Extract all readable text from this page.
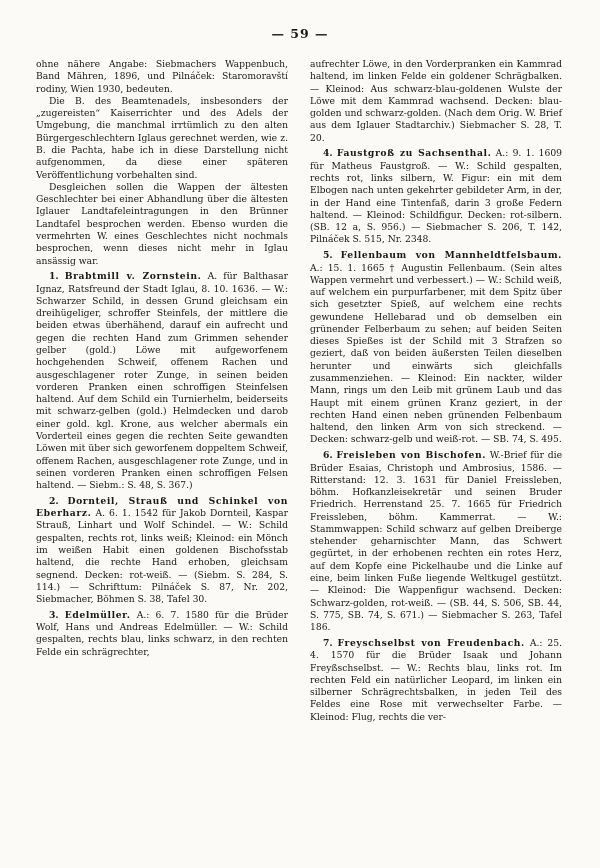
— 59 —

ohne nähere Angabe: Siebmachers Wappenbuch, Band Mähren, 1896, und Pilnáček: Staromoravští rodiny, Wien 1930, bedeuten.

Die B. des Beamtenadels, insbesonders der „zugereisten“ Kaiserrichter und des Adels der Umgebung, die manchmal irrtümlich zu den alten Bürgergeschlechtern Iglaus gerechnet werden, wie z. B. die Pachta, habe ich in diese Darstellung nicht aufgenommen, da diese einer späteren Veröffentlichung vorbehalten sind.

Desgleichen sollen die Wappen der ältesten Geschlechter bei einer Abhandlung über die ältesten Iglauer Landtafeleintragungen in den Brünner Landtafel besprochen werden. Ebenso wurden die vermehrten W. eines Geschlechtes nicht nochmals besprochen, wenn dieses nicht mehr in Iglau ansässig war.

1. Brabtmill v. Zornstein. A. für Balthasar Ignaz, Ratsfreund der Stadt Iglau, 8. 10. 1636. — W.: Schwarzer Schild, in dessen Grund gleichsam ein dreihügeliger, schroffer Steinfels, der mittlere die beiden etwas überhähend, darauf ein aufrecht und gegen die rechten Hand zum Grimmen sehender gelber (gold.) Löwe mit aufgeworfenem hochgehenden Schweif, offenem Rachen und ausgeschlagener roter Zunge, in seinen beiden vorderen Pranken einen schroffigen Steinfelsen haltend. Auf dem Schild ein Turnierhelm, beiderseits mit schwarz-gelben (gold.) Helmdecken und darob einer gold. kgl. Krone, aus welcher abermals ein Vorderteil eines gegen die rechten Seite gewandten Löwen mit über sich geworfenem doppeltem Schweif, offenem Rachen, ausgeschlagener rote Zunge, und in seinen vorderen Pranken einen schroffigen Felsen haltend. — Siebm.: S. 48, S. 367.)

2. Dornteil, Strauß und Schinkel von Eberharz. A. 6. 1. 1542 für Jakob Dornteil, Kaspar Strauß, Linhart und Wolf Schindel. — W.: Schild gespalten, rechts rot, links weiß; Kleinod: ein Mönch im weißen Habit einen goldenen Bischofsstab haltend, die rechte Hand erhoben, gleichsam segnend. Decken: rot-weiß. — (Siebm. S. 284, S. 114.) — Schrifttum: Pilnáček S. 87, Nr. 202, Siebmacher, Böhmen S. 38, Tafel 30.

3. Edelmüller. A.: 6. 7. 1580 für die Brüder Wolf, Hans und Andreas Edelmüller. — W.: Schild gespalten, rechts blau, links schwarz, in den rechten Felde ein schrägrechter,

aufrechter Löwe, in den Vorderpranken ein Kammrad haltend, im linken Felde ein goldener Schrägbalken. — Kleinod: Aus schwarz-blau-goldenen Wulste der Löwe mit dem Kammrad wachsend. Decken: blau-golden und schwarz-golden. (Nach dem Orig. W. Brief aus dem Iglauer Stadtarchiv.) Siebmacher S. 28, T. 20.

4. Faustgroß zu Sachsenthal. A.: 9. 1. 1609 für Matheus Faustgroß. — W.: Schild gespalten, rechts rot, links silbern, W. Figur: ein mit dem Elbogen nach unten gekehrter gebildeter Arm, in der, in der Hand eine Tintenfaß, darin 3 große Federn haltend. — Kleinod: Schildfigur. Decken: rot-silbern. (SB. 12 a, S. 956.) — Siebmacher S. 206, T. 142, Pilnáček S. 515, Nr. 2348.

5. Fellenbaum von Mannheldtfelsbaum. A.: 15. 1. 1665 † Augustin Fellenbaum. (Sein altes Wappen vermehrt und verbessert.) — W.: Schild weiß, auf welchem ein purpurfarbener, mit dem Spitz über sich gesetzter Spieß, auf welchem eine rechts gewundene Hellebarad und ob demselben ein grünender Felberbaum zu sehen; auf beiden Seiten dieses Spießes ist der Schild mit 3 Strafzen so geziert, daß von beiden äußersten Teilen dieselben herunter und einwärts sich gleichfalls zusammenziehen. — Kleinod: Ein nackter, wilder Mann, rings um den Leib mit grünem Laub und das Haupt mit einem grünen Kranz geziert, in der rechten Hand einen neben grünenden Felbenbaum haltend, den linken Arm von sich streckend. — Decken: schwarz-gelb und weiß-rot. — SB. 74, S. 495.

6. Freisleben von Bischofen. W.-Brief für die Brüder Esaias, Christoph und Ambrosius, 1586. — Ritterstand: 12. 3. 1631 für Daniel Freissleben, böhm. Hofkanzleisekretär und seinen Bruder Friedrich. Herrenstand 25. 7. 1665 für Friedrich Freissleben, böhm. Kammerrat. — W.: Stammwappen: Schild schwarz auf gelben Dreiberge stehender geharnischter Mann, das Schwert gegürtet, in der erhobenen rechten ein rotes Herz, auf dem Kopfe eine Pickelhaube und die Linke auf eine, beim linken Fuße liegende Weltkugel gestützt. — Kleinod: Die Wappenfigur wachsend. Decken: Schwarz-golden, rot-weiß. — (SB. 44, S. 506, SB. 44, S. 775, SB. 74, S. 671.) — Siebmacher S. 263, Tafel 186.

7. Freyschselbst von Freudenbach. A.: 25. 4. 1570 für die Brüder Isaak und Johann Freyßschselbst. — W.: Rechts blau, links rot. Im rechten Feld ein natürlicher Leopard, im linken ein silberner Schrägrechtsbalken, in jeden Teil des Feldes eine Rose mit verwechselter Farbe. — Kleinod: Flug, rechts die ver-
